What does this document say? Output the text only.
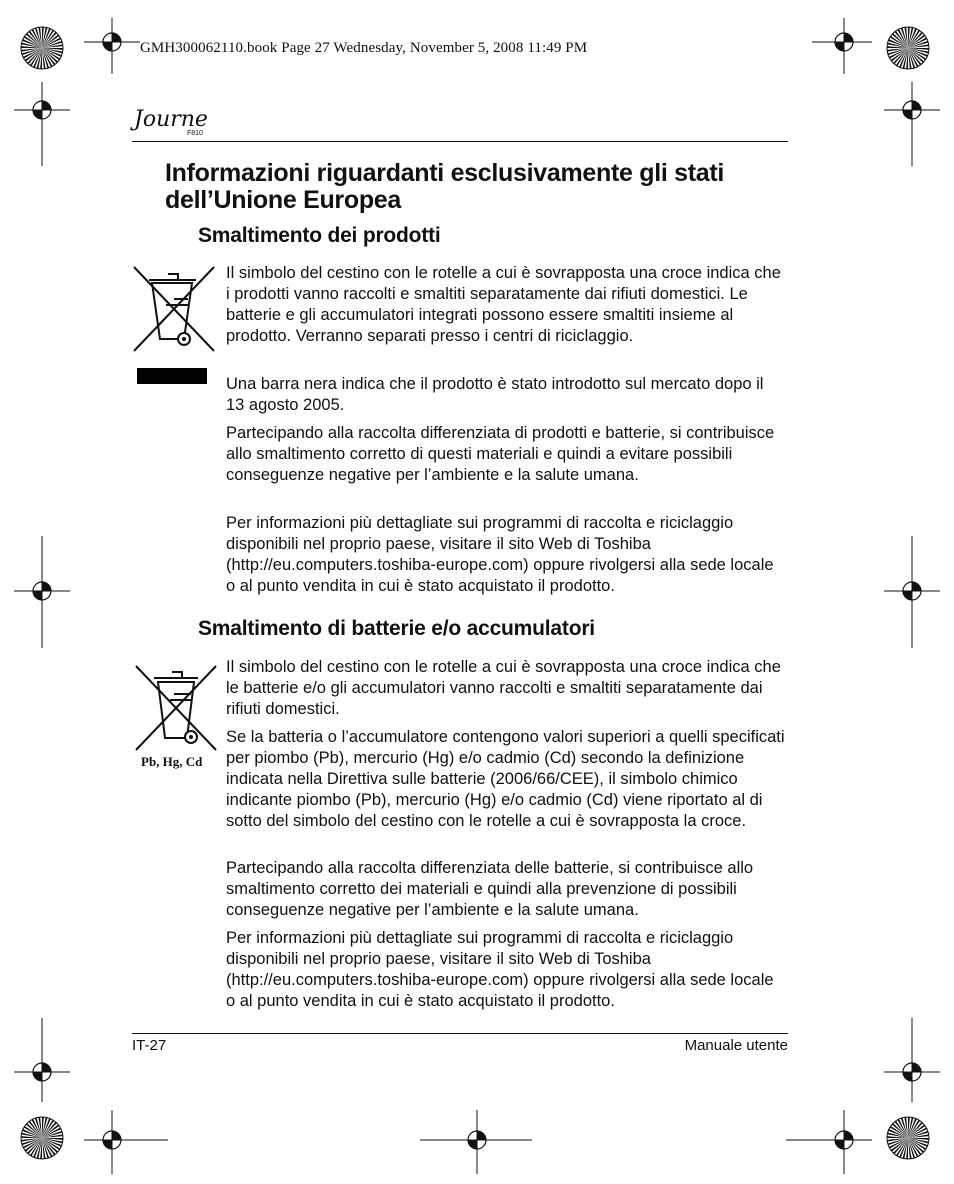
GMH300062110.book Page 27 Wednesday, November 5, 2008 11:49 PM
Journe
F810
Informazioni riguardanti esclusivamente gli stati dell’Unione Europea
Smaltimento dei prodotti

Il simbolo del cestino con le rotelle a cui è sovrapposta una croce indica che i prodotti vanno raccolti e smaltiti separatamente dai rifiuti domestici. Le batterie e gli accumulatori integrati possono essere smaltiti insieme al prodotto. Verranno separati presso i centri di riciclaggio.

Una barra nera indica che il prodotto è stato introdotto sul mercato dopo il 13 agosto 2005.

Partecipando alla raccolta differenziata di prodotti e batterie, si contribuisce allo smaltimento corretto di questi materiali e quindi a evitare possibili conseguenze negative per l’ambiente e la salute umana.

Per informazioni più dettagliate sui programmi di raccolta e riciclaggio disponibili nel proprio paese, visitare il sito Web di Toshiba (http://eu.computers.toshiba-europe.com) oppure rivolgersi alla sede locale o al punto vendita in cui è stato acquistato il prodotto.

Smaltimento di batterie e/o accumulatori
Pb, Hg, Cd

Il simbolo del cestino con le rotelle a cui è sovrapposta una croce indica che le batterie e/o gli accumulatori vanno raccolti e smaltiti separatamente dai rifiuti domestici.

Se la batteria o l’accumulatore contengono valori superiori a quelli specificati per piombo (Pb), mercurio (Hg) e/o cadmio (Cd) secondo la definizione indicata nella Direttiva sulle batterie (2006/66/CEE), il simbolo chimico indicante piombo (Pb), mercurio (Hg) e/o cadmio (Cd) viene riportato al di sotto del simbolo del cestino con le rotelle a cui è sovrapposta la croce.

Partecipando alla raccolta differenziata delle batterie, si contribuisce allo smaltimento corretto dei materiali e quindi alla prevenzione di possibili conseguenze negative per l’ambiente e la salute umana.

Per informazioni più dettagliate sui programmi di raccolta e riciclaggio disponibili nel proprio paese, visitare il sito Web di Toshiba (http://eu.computers.toshiba-europe.com) oppure rivolgersi alla sede locale o al punto vendita in cui è stato acquistato il prodotto.

IT-27	Manuale utente
